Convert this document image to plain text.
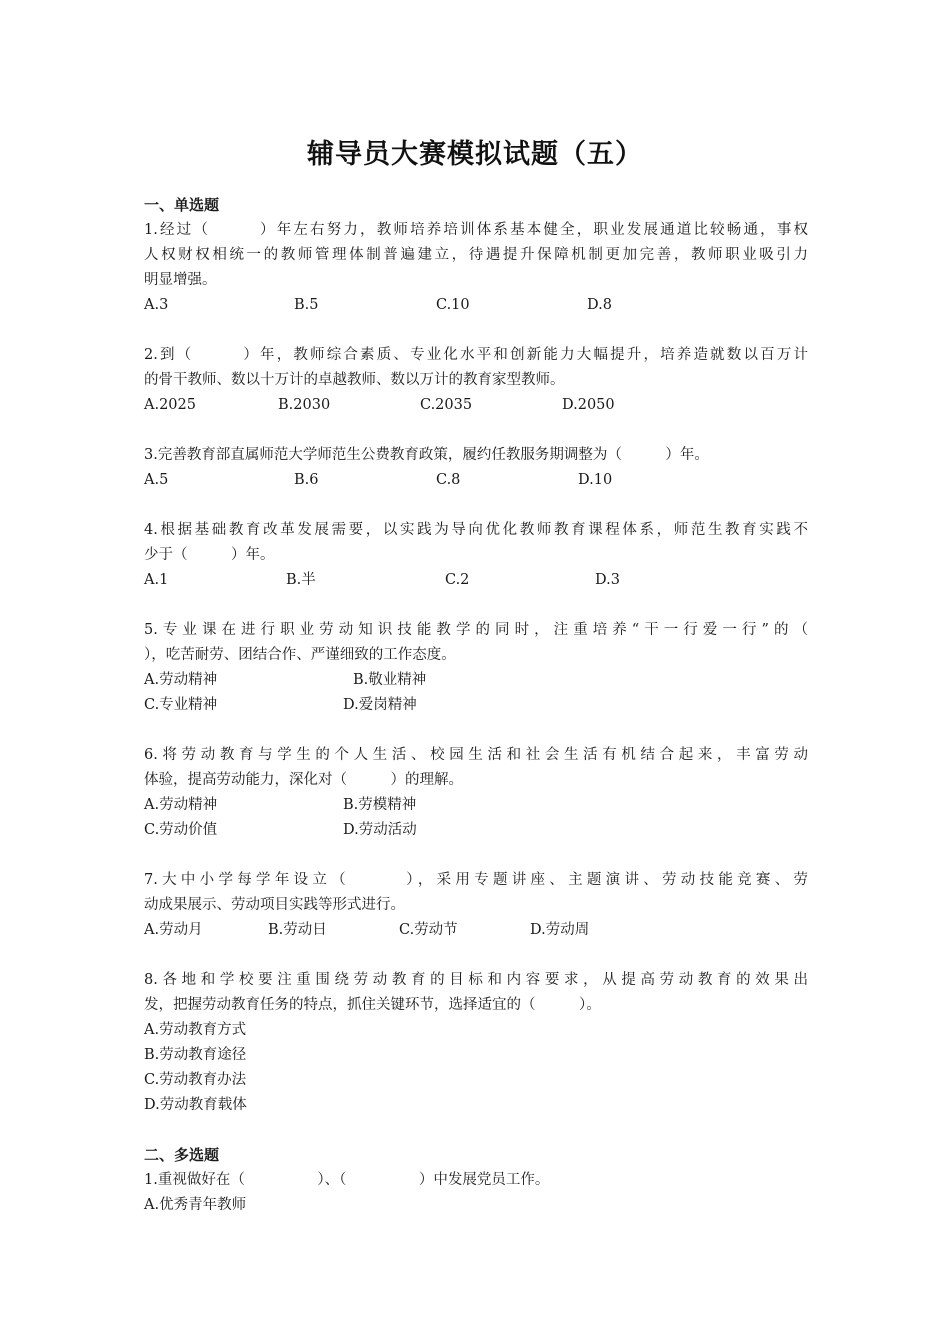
辅导员大赛模拟试题（五）
一、单选题
1.经过（　　　）年左右努力，教师培养培训体系基本健全，职业发展通道比较畅通，事权
人权财权相统一的教师管理体制普遍建立，待遇提升保障机制更加完善，教师职业吸引力
明显增强。
A.3	B.5	C.10	D.8
2.到（　　　）年，教师综合素质、专业化水平和创新能力大幅提升，培养造就数以百万计
的骨干教师、数以十万计的卓越教师、数以万计的教育家型教师。
A.2025	B.2030	C.2035	D.2050
3.完善教育部直属师范大学师范生公费教育政策，履约任教服务期调整为（　　　）年。
A.5	B.6	C.8	D.10
4.根据基础教育改革发展需要，以实践为导向优化教师教育课程体系，师范生教育实践不
少于（　　　）年。
A.1	B.半	C.2	D.3
5.专业课在进行职业劳动知识技能教学的同时，注重培养“干一行爱一行”的（
），吃苦耐劳、团结合作、严谨细致的工作态度。
A.劳动精神	B.敬业精神
C.专业精神	D.爱岗精神
6.将劳动教育与学生的个人生活、校园生活和社会生活有机结合起来，丰富劳动
体验，提高劳动能力，深化对（　　　）的理解。
A.劳动精神	B.劳模精神
C.劳动价值	D.劳动活动
7.大中小学每学年设立（　　　），采用专题讲座、主题演讲、劳动技能竞赛、劳
动成果展示、劳动项目实践等形式进行。
A.劳动月	B.劳动日	C.劳动节	D.劳动周
8.各地和学校要注重围绕劳动教育的目标和内容要求，从提高劳动教育的效果出
发，把握劳动教育任务的特点，抓住关键环节，选择适宜的（　　　）。
A.劳动教育方式
B.劳动教育途径
C.劳动教育办法
D.劳动教育载体
二、多选题
1.重视做好在（　　　　　）、（　　　　　）中发展党员工作。
A.优秀青年教师
